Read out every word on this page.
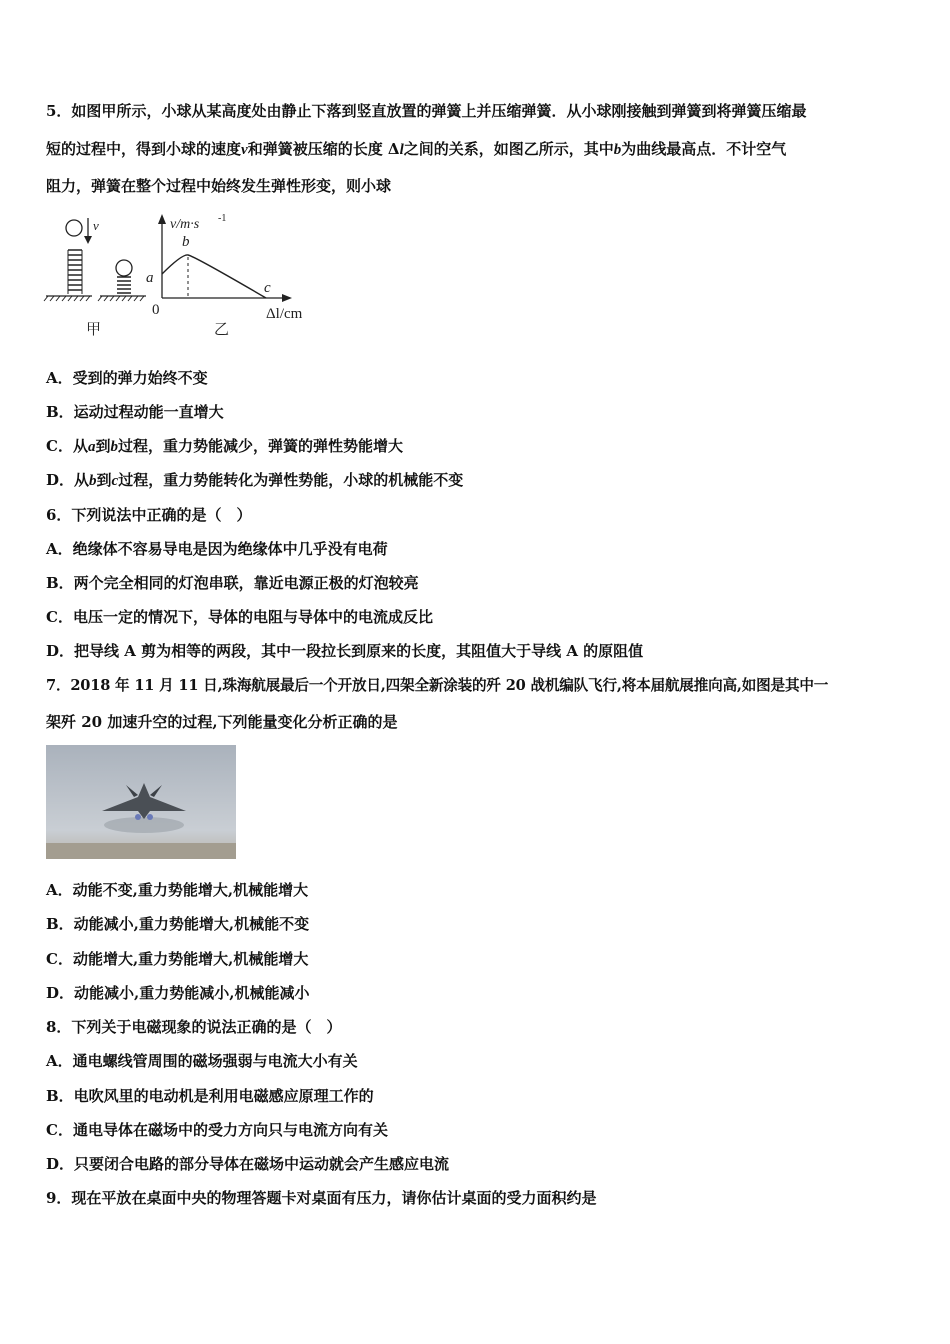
5．如图甲所示，小球从某高度处由静止下落到竖直放置的弹簧上并压缩弹簧．从小球刚接触到弹簧到将弹簧压缩最
短的过程中，得到小球的速度v和弹簧被压缩的长度 Δl之间的关系，如图乙所示，其中b为曲线最高点．不计空气
阻力，弹簧在整个过程中始终发生弹性形变，则小球
v
甲
v/m·s -1
b
a
c
0	Δl/cm
乙
A．受到的弹力始终不变
B．运动过程动能一直增大
C．从a到b过程，重力势能减少，弹簧的弹性势能增大
D．从b到c过程，重力势能转化为弹性势能，小球的机械能不变
6．下列说法中正确的是（　）
A．绝缘体不容易导电是因为绝缘体中几乎没有电荷
B．两个完全相同的灯泡串联，靠近电源正极的灯泡较亮
C．电压一定的情况下，导体的电阻与导体中的电流成反比
D．把导线 A 剪为相等的两段，其中一段拉长到原来的长度，其阻值大于导线 A 的原阻值
7．2018 年 11 月 11 日,珠海航展最后一个开放日,四架全新涂装的歼 20 战机编队飞行,将本届航展推向高,如图是其中一
架歼 20 加速升空的过程,下列能量变化分析正确的是
A．动能不变,重力势能增大,机械能增大
B．动能减小,重力势能增大,机械能不变
C．动能增大,重力势能增大,机械能增大
D．动能减小,重力势能减小,机械能减小
8．下列关于电磁现象的说法正确的是（　）
A．通电螺线管周围的磁场强弱与电流大小有关
B．电吹风里的电动机是利用电磁感应原理工作的
C．通电导体在磁场中的受力方向只与电流方向有关
D．只要闭合电路的部分导体在磁场中运动就会产生感应电流
9．现在平放在桌面中央的物理答题卡对桌面有压力，请你估计桌面的受力面积约是
